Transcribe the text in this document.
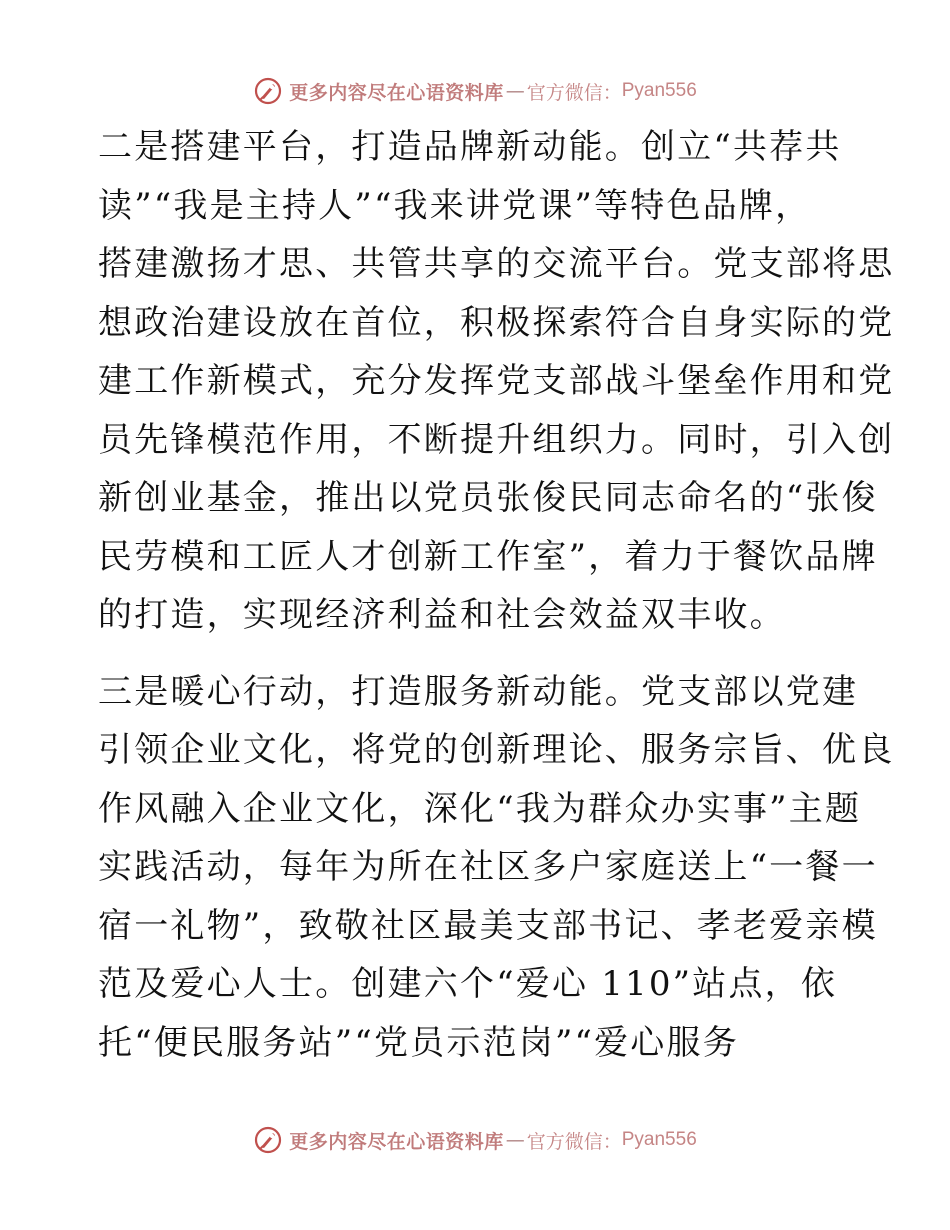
更多内容尽在心语资料库 — 官方微信： Pyan556
二是搭建平台，打造品牌新动能。创立“共荐共
读”“我是主持人”“我来讲党课”等特色品牌，
搭建激扬才思、共管共享的交流平台。党支部将思
想政治建设放在首位，积极探索符合自身实际的党
建工作新模式，充分发挥党支部战斗堡垒作用和党
员先锋模范作用，不断提升组织力。同时，引入创
新创业基金，推出以党员张俊民同志命名的“张俊
民劳模和工匠人才创新工作室”，着力于餐饮品牌
的打造，实现经济利益和社会效益双丰收。
三是暖心行动，打造服务新动能。党支部以党建
引领企业文化，将党的创新理论、服务宗旨、优良
作风融入企业文化，深化“我为群众办实事”主题
实践活动，每年为所在社区多户家庭送上“一餐一
宿一礼物”，致敬社区最美支部书记、孝老爱亲模
范及爱心人士。创建六个“爱心 110”站点，依
托“便民服务站”“党员示范岗”“爱心服务
更多内容尽在心语资料库 — 官方微信： Pyan556
